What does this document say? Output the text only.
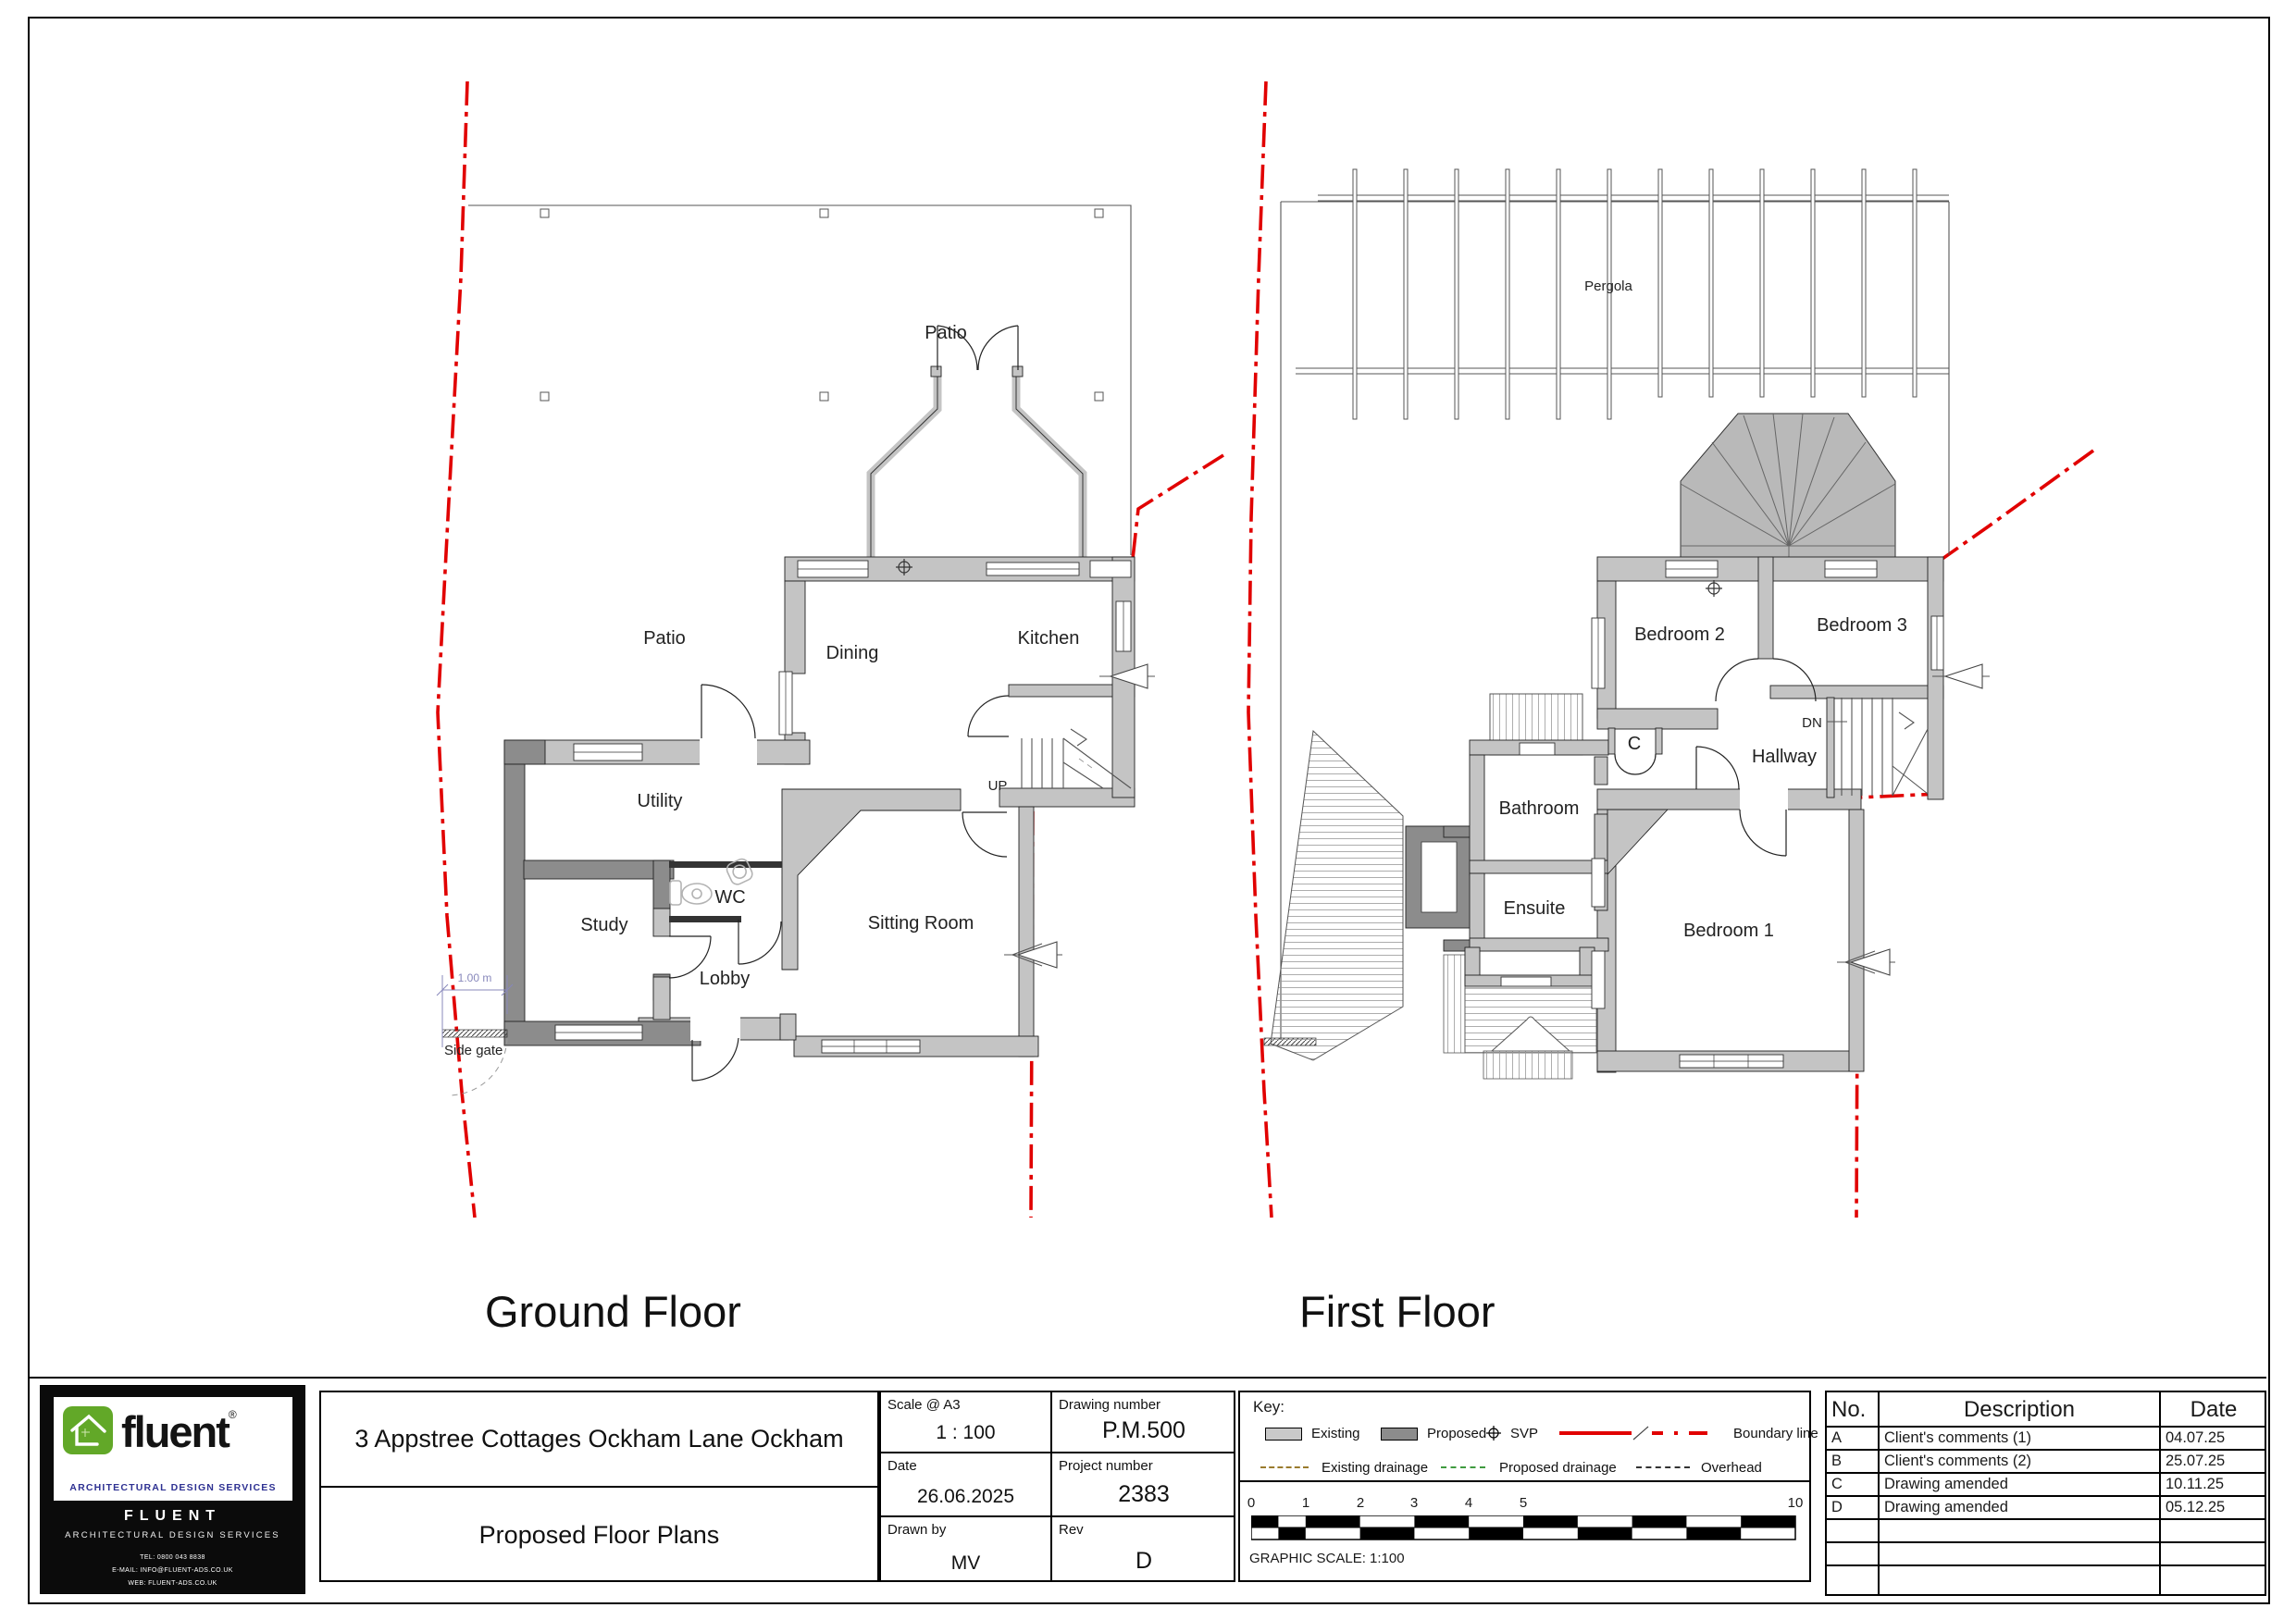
1.00 m
Patio
Patio
Dining
Kitchen
Utility
Study
WC
Lobby
Sitting Room
UP
Side gate
Pergola
Bedroom 2	Bedroom 3
C
Hallway
DN
Bathroom
Ensuite
Bedroom 1
Ground Floor	First Floor
fluent ®
ARCHITECTURAL DESIGN SERVICES
FLUENT
ARCHITECTURAL DESIGN SERVICES
Tel: 0800 043 8838
E-mail: info@fluent-ads.co.uk
Web: fluent-ads.co.uk
3 Appstree Cottages Ockham Lane Ockham
Proposed Floor Plans
Scale @ A3
1 : 100
Drawing number
P.M.500
Date
26.06.2025
Project number
2383
Drawn by
MV
Rev
D
Key:
Existing	Proposed SVP	Boundary line
Existing drainage	Proposed drainage	Overhead
0	1	2	3	4	5	10
GRAPHIC SCALE: 1:100
No.	Description	Date
A	Client's comments (1)	04.07.25
B	Client's comments (2)	25.07.25
C	Drawing amended	10.11.25
D	Drawing amended	05.12.25
